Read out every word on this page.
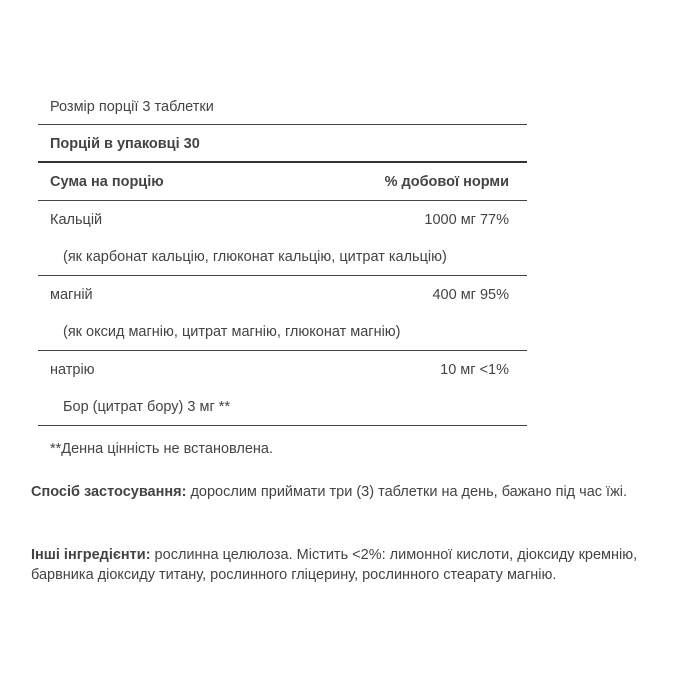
Розмір порції 3 таблетки
Порцій в упаковці 30
Сума на порцію	% добової норми
Кальцій	1000 мг 77%
(як карбонат кальцію, глюконат кальцію, цитрат кальцію)
магній	400 мг 95%
(як оксид магнію, цитрат магнію, глюконат магнію)
натрію	10 мг <1%
Бор (цитрат бору) 3 мг **
**Денна цінність не встановлена.
Спосіб застосування: дорослим приймати три (3) таблетки на день, бажано під час їжі.
Інші інгредієнти: рослинна целюлоза. Містить <2%: лимонної кислоти, діоксиду кремнію, барвника діоксиду титану, рослинного гліцерину, рослинного стеарату магнію.
